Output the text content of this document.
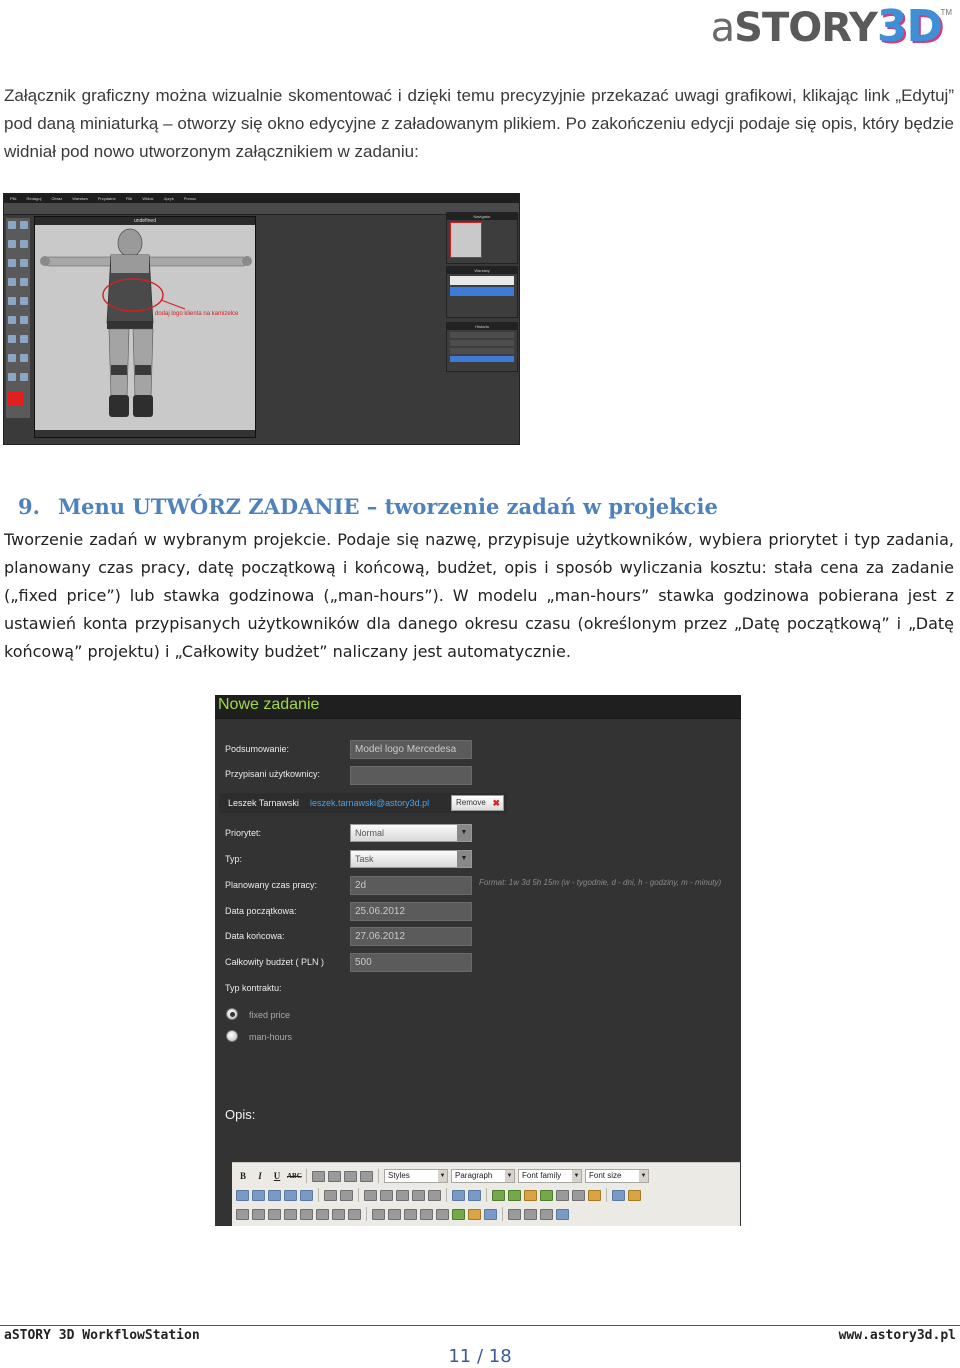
aSTORY3D
TM

Załącznik graficzny można wizualnie skomentować i dzięki temu precyzyjnie przekazać uwagi grafikowi, klikając link „Edytuj” pod daną miniaturką – otworzy się okno edycyjne z załadowanym plikiem. Po zakończeniu edycji podaje się opis, który będzie widniał pod nowo utworzonym załącznikiem w zadaniu:

Plik	Redaguj	Obraz	Warstwa	Przydatne	Filtr	Widok	Język	Pomoc

undefined
dodaj logo klienta na kamizelce
Navigator
Warstwy
Historia
9. Menu UTWÓRZ ZADANIE – tworzenie zadań w projekcie

Tworzenie zadań w wybranym projekcie. Podaje się nazwę, przypisuje użytkowników, wybiera priorytet i typ zadania, planowany czas pracy, datę początkową i końcową, budżet, opis i sposób wyliczania kosztu: stała cena za zadanie („fixed price”) lub stawka godzinowa („man-hours”). W modelu „man-hours” stawka godzinowa pobierana jest z ustawień konta przypisanych użytkowników dla danego okresu czasu (określonym przez „Datę początkową” i „Datę końcową” projektu) i „Całkowity budżet” naliczany jest automatycznie.

Nowe zadanie
Podsumowanie:	Model logo Mercedesa
Przypisani użytkownicy:
Leszek Tarnawski leszek.tarnawski@astory3d.pl	Remove ✖
Priorytet:	Normal	▼
Typ:	Task	▼
Planowany czas pracy:	2d	Format: 1w 3d 5h 15m (w - tygodnie, d - dni, h - godziny, m - minuty)
Data początkowa:	25.06.2012
Data końcowa:	27.06.2012
Całkowity budżet ( PLN )	500
Typ kontraktu:
fixed price
man-hours
Opis:
B	I	U ABC	Styles	▼	Paragraph ▼	Font family ▼	Font size	▼
aSTORY 3D WorkflowStation	www.astory3d.pl
11 / 18
